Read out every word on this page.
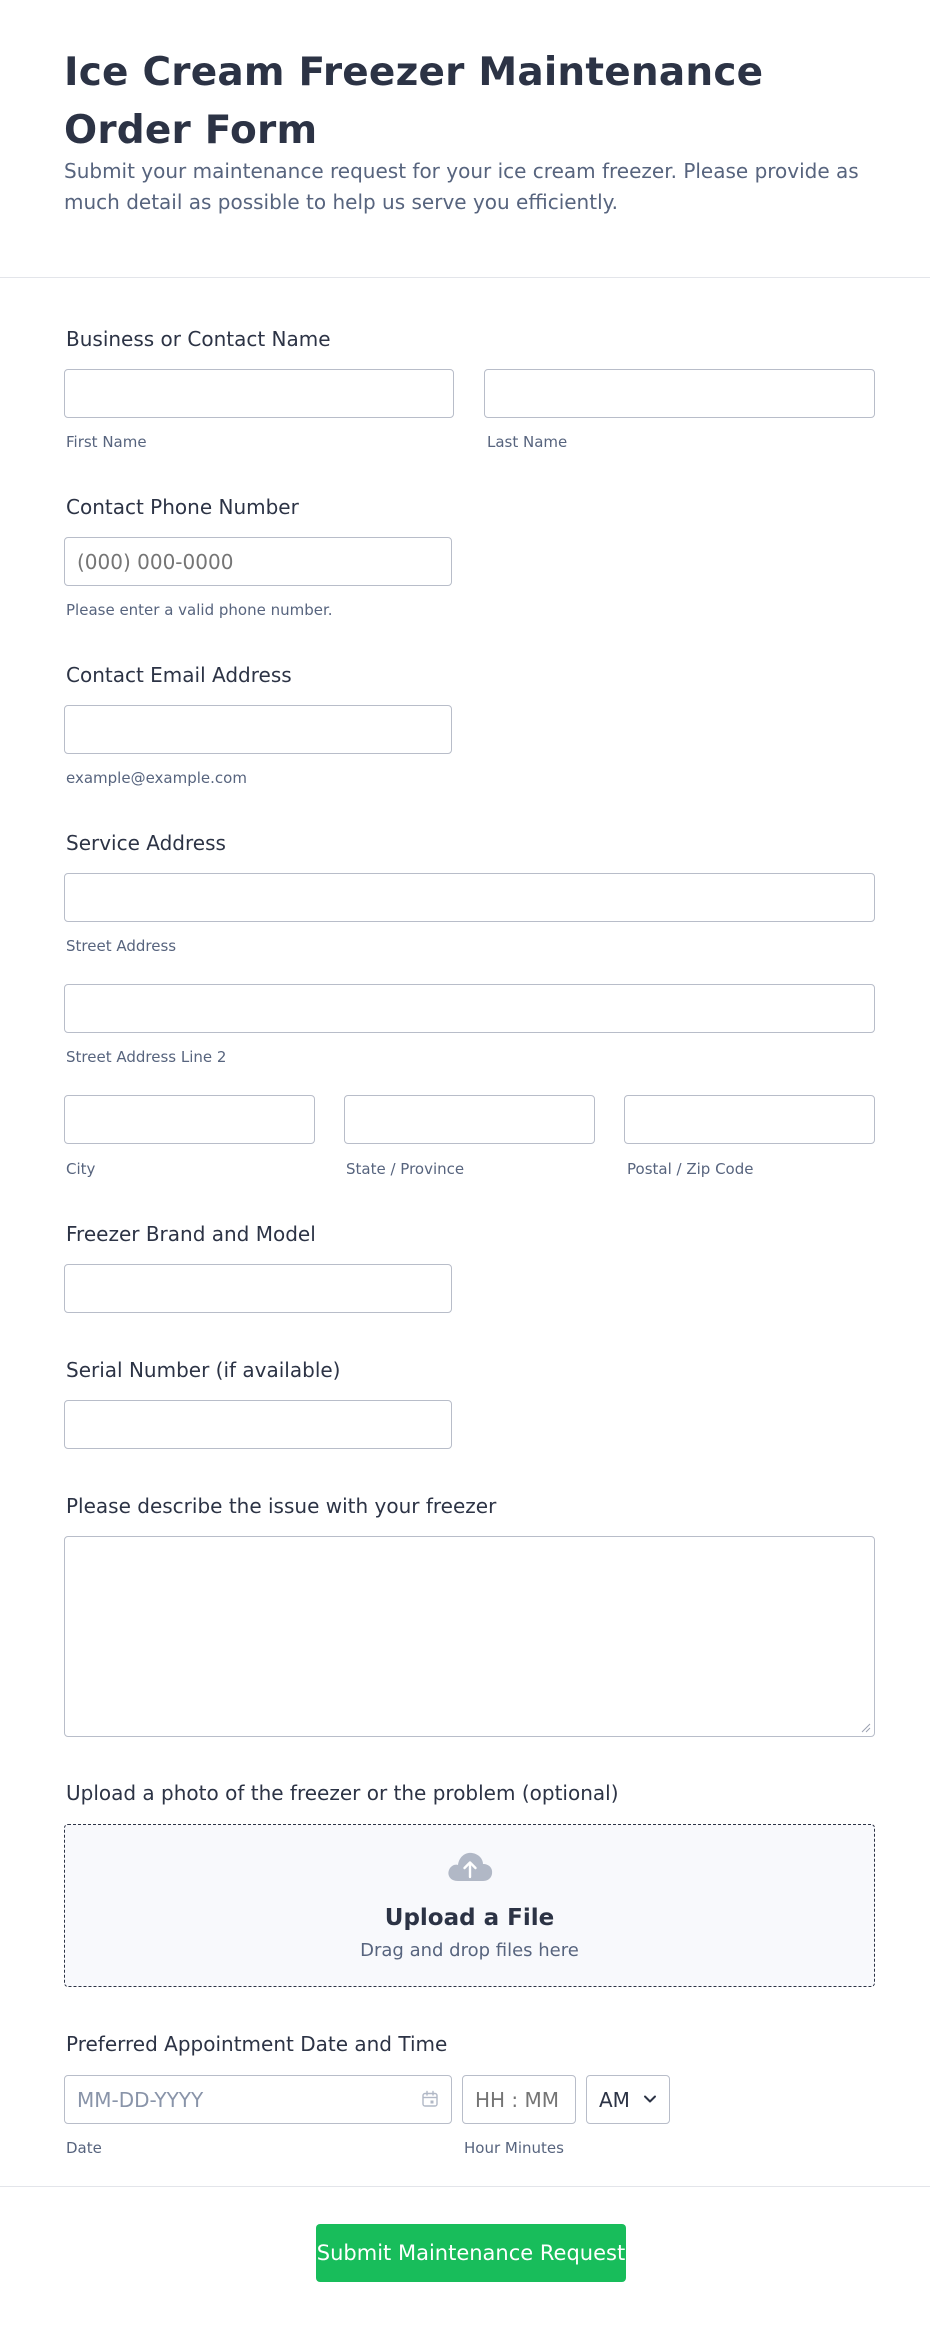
Ice Cream Freezer Maintenance Order Form
Submit your maintenance request for your ice cream freezer. Please provide as much detail as possible to help us serve you efficiently.
Business or Contact Name
First Name	Last Name
Contact Phone Number
(000) 000-0000
Please enter a valid phone number.
Contact Email Address
example@example.com
Service Address
Street Address
Street Address Line 2
City	State / Province	Postal / Zip Code
Freezer Brand and Model
Serial Number (if available)
Please describe the issue with your freezer
Upload a photo of the freezer or the problem (optional)
Upload a File
Drag and drop files here
Preferred Appointment Date and Time
MM-DD-YYYY
Date
HH : MM	Hour Minutes
AM
Submit Maintenance Request
